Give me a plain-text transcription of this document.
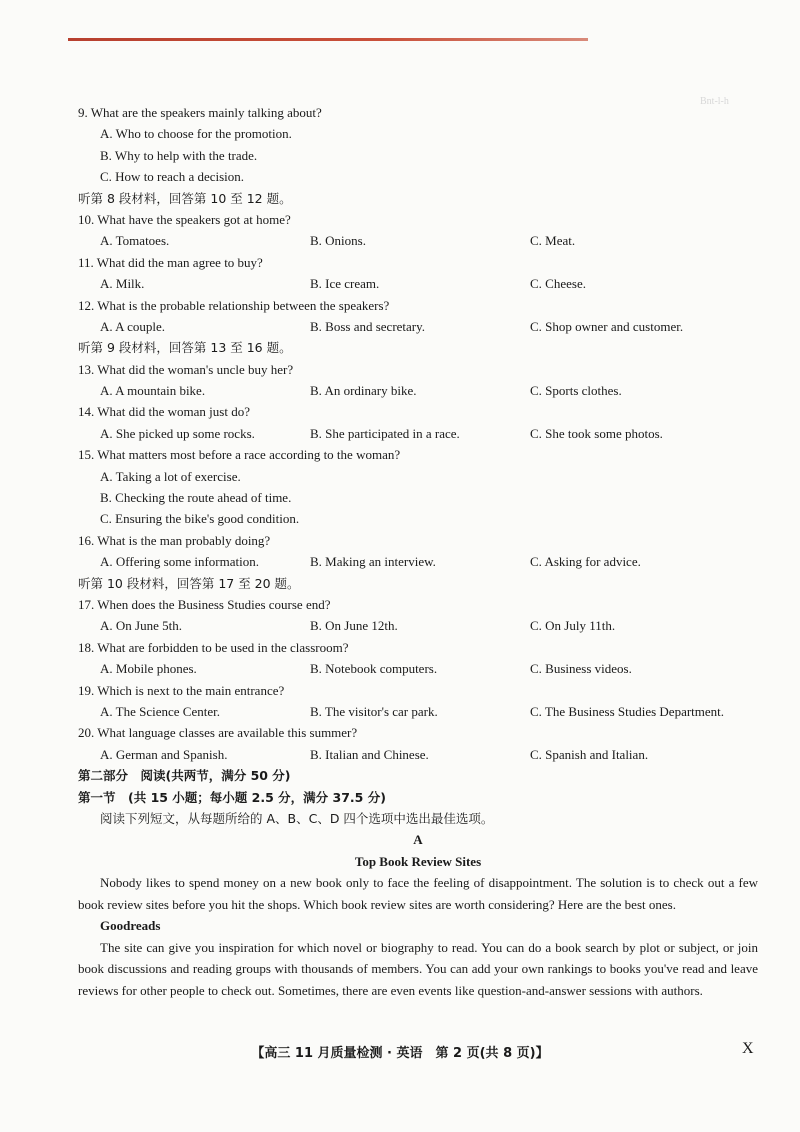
Bnt-l-h
9. What are the speakers mainly talking about?
A. Who to choose for the promotion.
B. Why to help with the trade.
C. How to reach a decision.
听第 8 段材料，回答第 10 至 12 题。
10. What have the speakers got at home?
A. Tomatoes.	B. Onions.	C. Meat.
11. What did the man agree to buy?
A. Milk.	B. Ice cream.	C. Cheese.
12. What is the probable relationship between the speakers?
A. A couple.	B. Boss and secretary.	C. Shop owner and customer.
听第 9 段材料，回答第 13 至 16 题。
13. What did the woman's uncle buy her?
A. A mountain bike.	B. An ordinary bike.	C. Sports clothes.
14. What did the woman just do?
A. She picked up some rocks.	B. She participated in a race.	C. She took some photos.
15. What matters most before a race according to the woman?
A. Taking a lot of exercise.
B. Checking the route ahead of time.
C. Ensuring the bike's good condition.
16. What is the man probably doing?
A. Offering some information.	B. Making an interview.	C. Asking for advice.
听第 10 段材料，回答第 17 至 20 题。
17. When does the Business Studies course end?
A. On June 5th.	B. On June 12th.	C. On July 11th.
18. What are forbidden to be used in the classroom?
A. Mobile phones.	B. Notebook computers.	C. Business videos.
19. Which is next to the main entrance?
A. The Science Center.	B. The visitor's car park.	C. The Business Studies Department.
20. What language classes are available this summer?
A. German and Spanish.	B. Italian and Chinese.	C. Spanish and Italian.
第二部分　阅读(共两节，满分 50 分)
第一节　(共 15 小题；每小题 2.5 分，满分 37.5 分)
阅读下列短文，从每题所给的 A、B、C、D 四个选项中选出最佳选项。
A
Top Book Review Sites

Nobody likes to spend money on a new book only to face the feeling of disappointment. The solution is to check out a few book review sites before you hit the shops. Which book review sites are worth considering? Here are the best ones.

Goodreads

The site can give you inspiration for which novel or biography to read. You can do a book search by plot or subject, or join book discussions and reading groups with thousands of members. You can add your own rankings to books you've read and leave reviews for other people to check out. Sometimes, there are even events like question-and-answer sessions with authors.

【高三 11 月质量检测 · 英语　第 2 页(共 8 页)】	X
